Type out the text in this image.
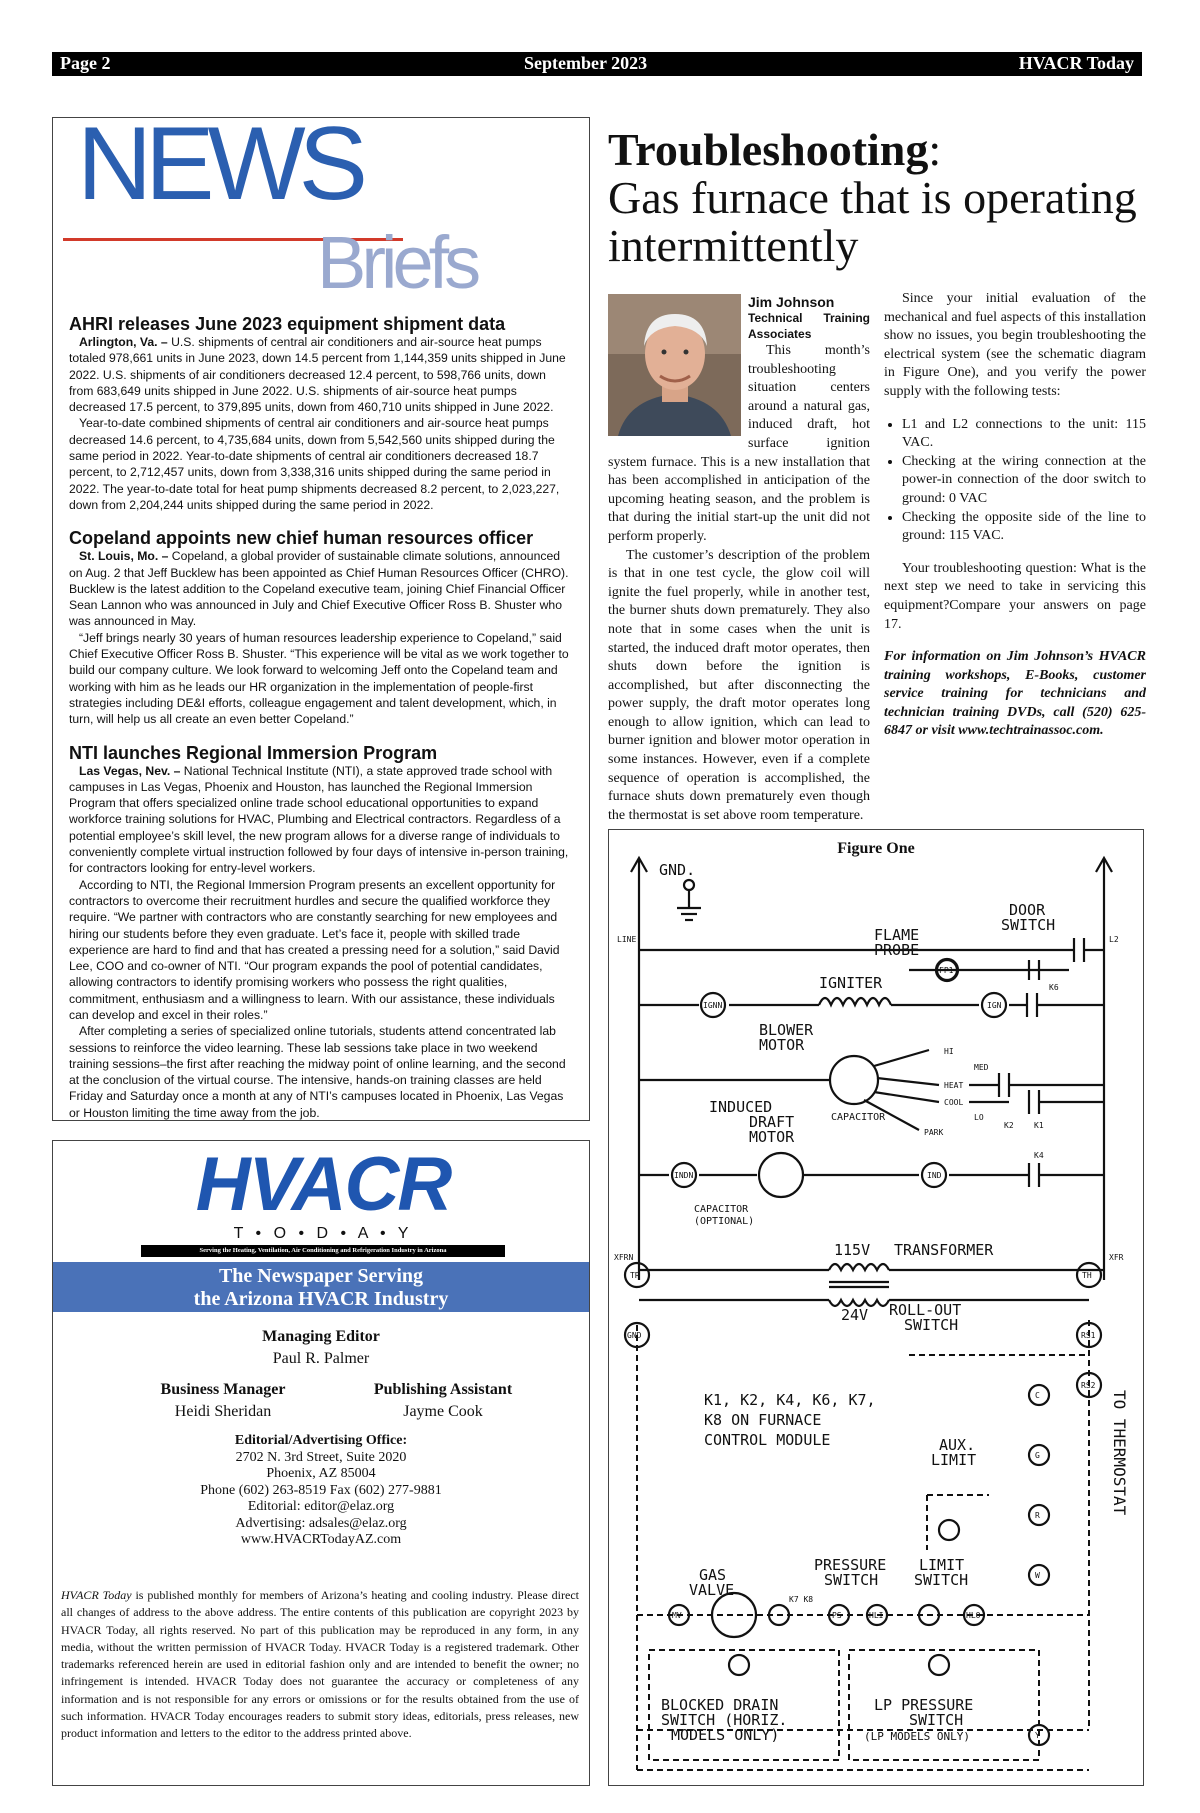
Page 2	September 2023	HVACR Today
NEWS
Briefs
AHRI releases June 2023 equipment shipment data

Arlington, Va. – U.S. shipments of central air conditioners and air-source heat pumps totaled 978,661 units in June 2023, down 14.5 percent from 1,144,359 units shipped in June 2022. U.S. shipments of air conditioners decreased 12.4 percent, to 598,766 units, down from 683,649 units shipped in June 2022. U.S. shipments of air-source heat pumps decreased 17.5 percent, to 379,895 units, down from 460,710 units shipped in June 2022.

Year-to-date combined shipments of central air conditioners and air-source heat pumps decreased 14.6 percent, to 4,735,684 units, down from 5,542,560 units shipped during the same period in 2022. Year-to-date shipments of central air conditioners decreased 18.7 percent, to 2,712,457 units, down from 3,338,316 units shipped during the same period in 2022. The year-to-date total for heat pump shipments decreased 8.2 percent, to 2,023,227, down from 2,204,244 units shipped during the same period in 2022.

Copeland appoints new chief human resources officer

St. Louis, Mo. – Copeland, a global provider of sustainable climate solutions, announced on Aug. 2 that Jeff Bucklew has been appointed as Chief Human Resources Officer (CHRO). Bucklew is the latest addition to the Copeland executive team, joining Chief Financial Officer Sean Lannon who was announced in July and Chief Executive Officer Ross B. Shuster who was announced in May.

“Jeff brings nearly 30 years of human resources leadership experience to Copeland,” said Chief Executive Officer Ross B. Shuster. “This experience will be vital as we work together to build our company culture. We look forward to welcoming Jeff onto the Copeland team and working with him as he leads our HR organization in the implementation of people-first strategies including DE&I efforts, colleague engagement and talent development, which, in turn, will help us all create an even better Copeland.”

NTI launches Regional Immersion Program

Las Vegas, Nev. – National Technical Institute (NTI), a state approved trade school with campuses in Las Vegas, Phoenix and Houston, has launched the Regional Immersion Program that offers specialized online trade school educational opportunities to expand workforce training solutions for HVAC, Plumbing and Electrical contractors. Regardless of a potential employee’s skill level, the new program allows for a diverse range of individuals to conveniently complete virtual instruction followed by four days of intensive in-person training, for contractors looking for entry-level workers.

According to NTI, the Regional Immersion Program presents an excellent opportunity for contractors to overcome their recruitment hurdles and secure the qualified workforce they require. “We partner with contractors who are constantly searching for new employees and hiring our students before they even graduate. Let’s face it, people with skilled trade experience are hard to find and that has created a pressing need for a solution,” said David Lee, COO and co-owner of NTI. “Our program expands the pool of potential candidates, allowing contractors to identify promising workers who possess the right qualities, commitment, enthusiasm and a willingness to learn. With our assistance, these individuals can develop and excel in their roles.”

After completing a series of specialized online tutorials, students attend concentrated lab sessions to reinforce the video learning. These lab sessions take place in two weekend training sessions–the first after reaching the midway point of online learning, and the second at the conclusion of the virtual course. The intensive, hands-on training classes are held Friday and Saturday once a month at any of NTI’s campuses located in Phoenix, Las Vegas or Houston limiting the time away from the job.

Troubleshooting:
Gas furnace that is operating intermittently
Jim Johnson
Technical Training Associates

This month’s troubleshooting situation centers around a natural gas, induced draft, hot surface ignition system furnace. This is a new installation that has been accomplished in anticipation of the upcoming heating season, and the problem is that during the initial start-up the unit did not perform properly.

The customer’s description of the problem is that in one test cycle, the glow coil will ignite the fuel properly, while in another test, the burner shuts down prematurely. They also note that in some cases when the unit is started, the induced draft motor operates, then shuts down before the ignition is accomplished, but after disconnecting the power supply, the draft motor operates long enough to allow ignition, which can lead to burner ignition and blower motor operation in some instances. However, even if a complete sequence of operation is accomplished, the furnace shuts down prematurely even though the thermostat is set above room temperature.

Since your initial evaluation of the mechanical and fuel aspects of this installation show no issues, you begin troubleshooting the electrical system (see the schematic diagram in Figure One), and you verify the power supply with the following tests:

• L1 and L2 connections to the unit: 115 VAC.
• Checking at the wiring connection at the power-in connection of the door switch to ground: 0 VAC
• Checking the opposite side of the line to ground: 115 VAC.

Your troubleshooting question: What is the next step we need to take in servicing this equipment?Compare your answers on page 17.

For information on Jim Johnson’s HVACR training workshops, E-Books, customer service training for technicians and technician training DVDs, call (520) 625-6847 or visit www.techtrainassoc.com.

Figure One
GND.
DOOR
SWITCH
FLAME
PROBE
IGNITER
BLOWER
MOTOR
INDUCED
DRAFT
MOTOR
CAPACITOR
CAPACITOR
(OPTIONAL)
115V TRANSFORMER
24V ROLL-OUT
SWITCH
K1, K2, K4, K6, K7,
K8 ON FURNACE
CONTROL MODULE	AUX.
LIMIT
GAS
VALVE
PRESSURE
SWITCH
LIMIT
SWITCH
BLOCKED DRAIN
SWITCH (HORIZ.
MODELS ONLY)
LP PRESSURE
SWITCH
(LP MODELS ONLY)
TO THERMOSTAT
LINE	L2
K6
K2	K1
K4
K7 K8
HI
HEAT
COOL
PARK
MED
LO
FP1
IGNN	IGN
INDN	IND
XFRN	XFR
TR	TH
GND	RS1
RS2
C
G
R
W
Y
MV	PS	HLI	HLO
HVACR
T • O • D • A • Y
Serving the Heating, Ventilation, Air Conditioning and Refrigeration Industry in Arizona
The Newspaper Serving
the Arizona HVACR Industry
Managing Editor
Paul R. Palmer
Business Manager
Heidi Sheridan
Publishing Assistant
Jayme Cook
Editorial/Advertising Office:
2702 N. 3rd Street, Suite 2020
Phoenix, AZ 85004
Phone (602) 263-8519 Fax (602) 277-9881
Editorial: editor@elaz.org
Advertising: adsales@elaz.org
www.HVACRTodayAZ.com
HVACR Today is published monthly for members of Arizona’s heating and cooling industry. Please direct all changes of address to the above address. The entire contents of this publication are copyright 2023 by HVACR Today, all rights reserved. No part of this publication may be reproduced in any form, in any media, without the written permission of HVACR Today. HVACR Today is a registered trademark. Other trademarks referenced herein are used in editorial fashion only and are intended to benefit the owner; no infringement is intended. HVACR Today does not guarantee the accuracy or completeness of any information and is not responsible for any errors or omissions or for the results obtained from the use of such information. HVACR Today encourages readers to submit story ideas, editorials, press releases, new product information and letters to the editor to the address printed above.
